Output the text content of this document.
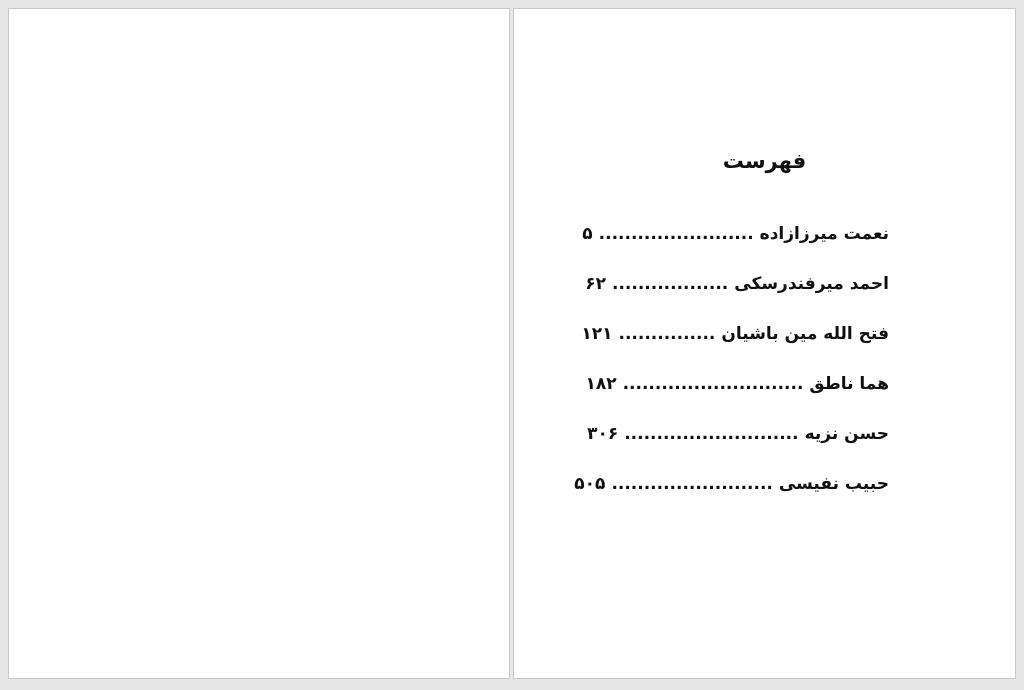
فهرست
نعمت میرزازاده
........................
۵
احمد میرفندرسکی
..................
۶۲
فتح الله مین باشیان
...............
۱۲۱
هما ناطق
............................
۱۸۲
حسن نزیه
...........................
۳۰۶
حبیب نفیسی
.........................
۵۰۵
